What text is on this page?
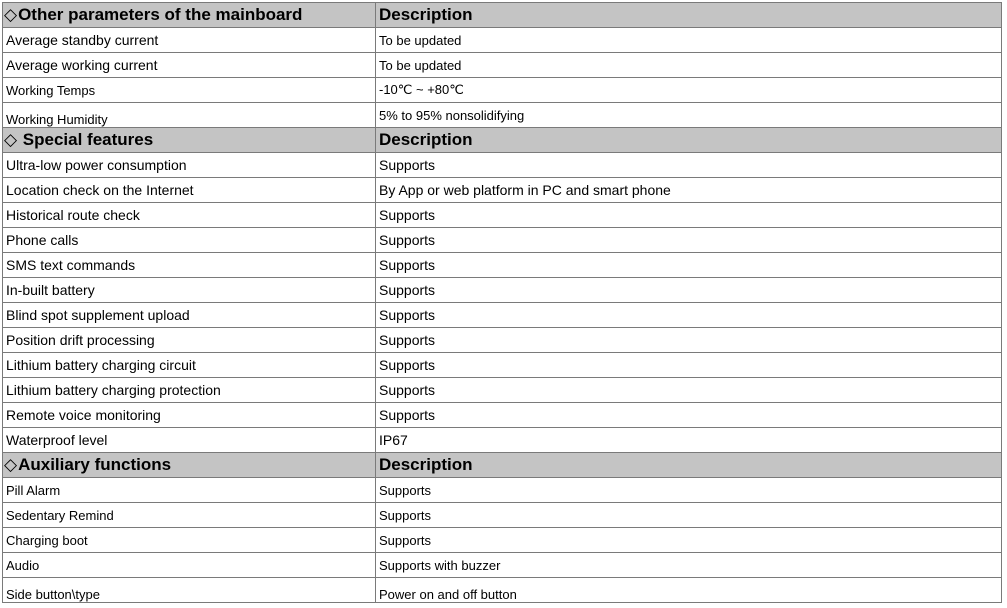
◇Other parameters of the mainboard	Description
Average standby current	To be updated
Average working current	To be updated
Working Temps	-10℃ ~ +80℃
Working Humidity	5% to 95% nonsolidifying
◇ Special features	Description
Ultra-low power consumption	Supports
Location check on the Internet	By App or web platform in PC and smart phone
Historical route check	Supports
Phone calls	Supports
SMS text commands	Supports
In-built battery	Supports
Blind spot supplement upload	Supports
Position drift processing	Supports
Lithium battery charging circuit	Supports
Lithium battery charging protection	Supports
Remote voice monitoring	Supports
Waterproof level	IP67
◇Auxiliary functions	Description
Pill Alarm	Supports
Sedentary Remind	Supports
Charging boot	Supports
Audio	Supports with buzzer
Side button\type	Power on and off button
